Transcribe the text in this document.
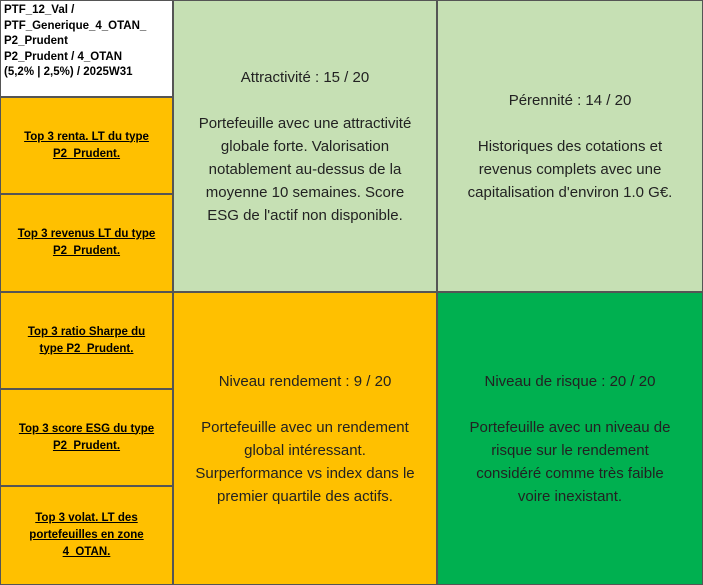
PTF_12_Val /
PTF_Generique_4_OTAN_
P2_Prudent
P2_Prudent / 4_OTAN
(5,2% | 2,5%) / 2025W31
Top 3 renta. LT du type
P2_Prudent.
Top 3 revenus LT du type
P2_Prudent.
Top 3 ratio Sharpe du
type P2_Prudent.
Top 3 score ESG du type
P2_Prudent.
Top 3 volat. LT des
portefeuilles en zone
4_OTAN.
Attractivité : 15 / 20
Portefeuille avec une attractivité
globale forte. Valorisation
notablement au-dessus de la
moyenne 10 semaines. Score
ESG de l'actif non disponible.
Pérennité : 14 / 20
Historiques des cotations et
revenus complets avec une
capitalisation d'environ 1.0 G€.
Niveau rendement : 9 / 20
Portefeuille avec un rendement
global intéressant.
Surperformance vs index dans le
premier quartile des actifs.
Niveau de risque : 20 / 20
Portefeuille avec un niveau de
risque sur le rendement
considéré comme très faible
voire inexistant.
